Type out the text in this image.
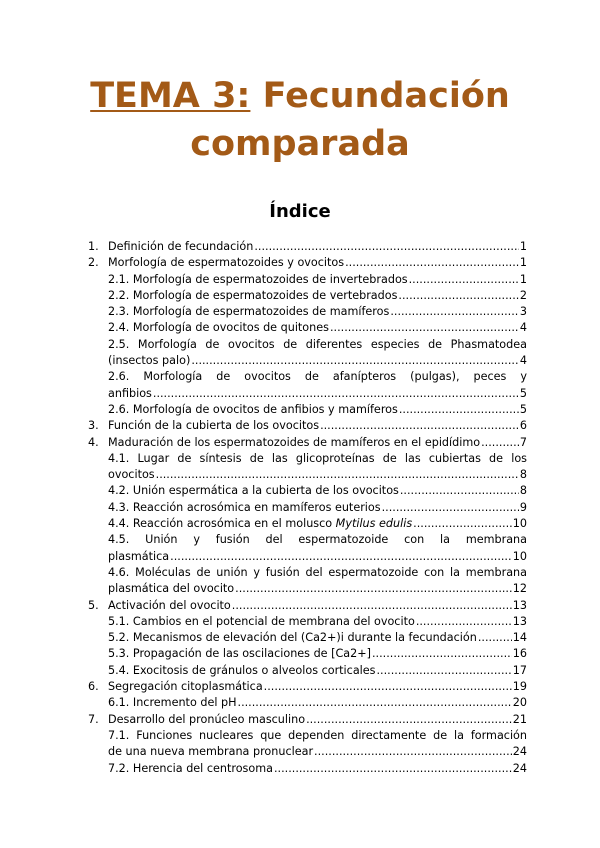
TEMA 3: Fecundación
comparada
Índice
1. Definición de fecundación .....	1
2. Morfología de espermatozoides y ovocitos .....	1
2.1. Morfología de espermatozoides de invertebrados .....	1
2.2. Morfología de espermatozoides de vertebrados .....	2
2.3. Morfología de espermatozoides de mamíferos .....	3
2.4. Morfología de ovocitos de quitones .....	4
2.5. Morfología de ovocitos de diferentes especies de Phasmatodea
(insectos palo) .....	4
2.6. Morfología de ovocitos de afanípteros (pulgas), peces y
anfibios .....	5
2.6. Morfología de ovocitos de anfibios y mamíferos .....	5
3. Función de la cubierta de los ovocitos .....	6
4. Maduración de los espermatozoides de mamíferos en el epidídimo .....	7
4.1. Lugar de síntesis de las glicoproteínas de las cubiertas de los
ovocitos .....	8
4.2. Unión espermática a la cubierta de los ovocitos .....	8
4.3. Reacción acrosómica en mamíferos euterios .....	9
4.4. Reacción acrosómica en el molusco Mytilus edulis .....	10
4.5. Unión y fusión del espermatozoide con la membrana
plasmática .....	10
4.6. Moléculas de unión y fusión del espermatozoide con la membrana
plasmática del ovocito .....	12
5. Activación del ovocito .....	13
5.1. Cambios en el potencial de membrana del ovocito .....	13
5.2. Mecanismos de elevación del (Ca2+)i durante la fecundación .....	14
5.3. Propagación de las oscilaciones de [Ca2+] .....	16
5.4. Exocitosis de gránulos o alveolos corticales .....	17
6. Segregación citoplasmática .....	19
6.1. Incremento del pH .....	20
7. Desarrollo del pronúcleo masculino .....	21
7.1. Funciones nucleares que dependen directamente de la formación
de una nueva membrana pronuclear .....	24
7.2. Herencia del centrosoma .....	24
